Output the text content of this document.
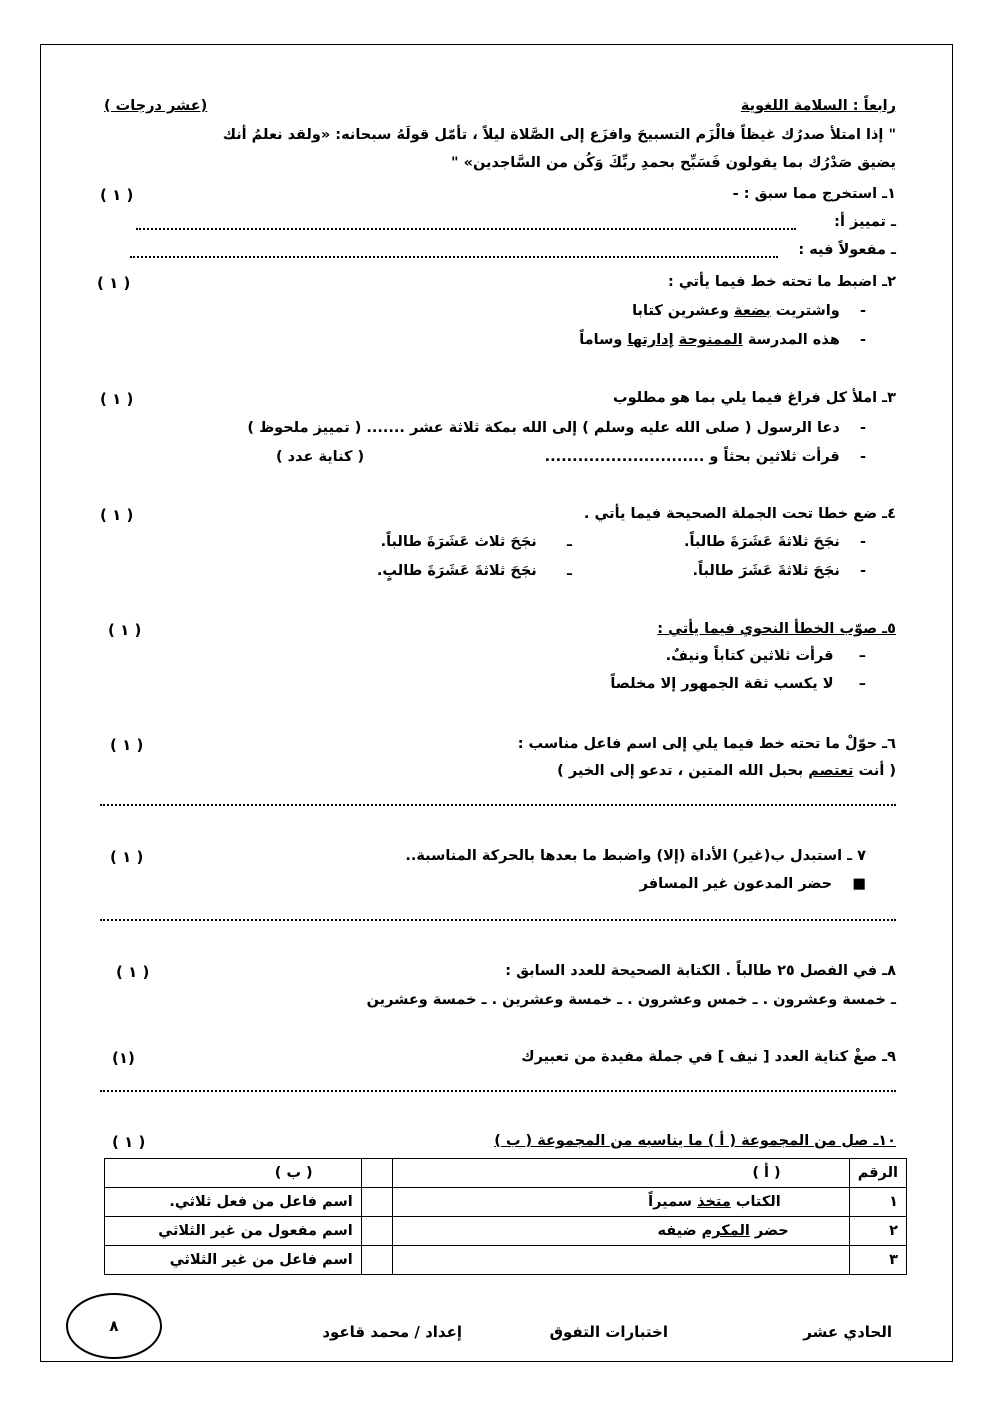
رابعاً : السلامة اللغوية
(عشر درجات )
" إذا امتلأ صدرُك غيظاً فالْزَم التسبيحَ وافزَع إلى الصَّلاة ليلاً ، تأمّل قولَهُ سبحانه: «ولقد نعلمُ أنك
يضيق صَدْرُك بما يقولون فَسَبِّح بحمدِ ربِّكَ وَكُن من السَّاجدين» "
١ـ استخرج مما سبق : -
( ١ )
ـ تمييز أ:
ـ مفعولاً فيه :
٢ـ اضبط ما تحته خط فيما يأتي :
( ١ )
-    واشتريت بضعة وعشرين كتابا
-    هذه المدرسة الممنوحة إدارتها وساماً
٣ـ املأ كل فراغ فيما يلي بما هو مطلوب
( ١ )
-    دعا الرسول ( صلى الله عليه وسلم ) إلى الله بمكة ثلاثة عشر ....... ( تمييز ملحوظ )
-    قرأت ثلاثين بحثاً و .............................
( كناية عدد )
٤ـ ضع خطا تحت الجملة الصحيحة فيما يأتي .
( ١ )
-    نجَحَ ثلاثةَ عَشَرَةَ طالباً.
ـ      نجَحَ ثلاث عَشَرَةَ طالباً.
-    نجَحَ ثلاثةَ عَشَرَ طالباً.
ـ      نجَحَ ثلاثةَ عَشَرَةَ طالبٍ.
٥ـ صوّب الخطأ النحوي فيما يأتي :
( ١ )
–     قرأت ثلاثين كتاباً ونيفٌ.
–     لا يكسب ثقة الجمهور إلا مخلصاً
٦ـ حوّلْ ما تحته خط فيما يلي إلى اسم فاعل مناسب :
( ١ )
( أنت تعتصم بحبل الله المتين ، تدعو إلى الخير )
٧ ـ استبدل ب(غير) الأداة (إلا) واضبط ما بعدها بالحركة المناسبة..
( ١ )
■    حضر المدعون غير المسافر
٨ـ في الفصل ٢٥ طالباً . الكتابة الصحيحة للعدد السابق :
( ١ )
ـ خمسة وعشرون . ـ خمس وعشرون . ـ خمسة وعشرين . ـ خمسة وعشرين
٩ـ صغْ كناية العدد [ نيف ] في جملة مفيدة من تعبيرك
(١)
١٠ـ صل من المجموعة ( أ ) ما يناسبه من المجموعة ( ب )
( ١ )
الرقم	( أ )		( ب )
١	الكتاب متخذ سميراً		اسم فاعل من فعل ثلاثي.
٢	حضر المكرم ضيفه		اسم مفعول من غير الثلاثي
٣			اسم فاعل من غير الثلاثي
الحادي عشر
اختبارات التفوق
إعداد / محمد قاعود
٨
